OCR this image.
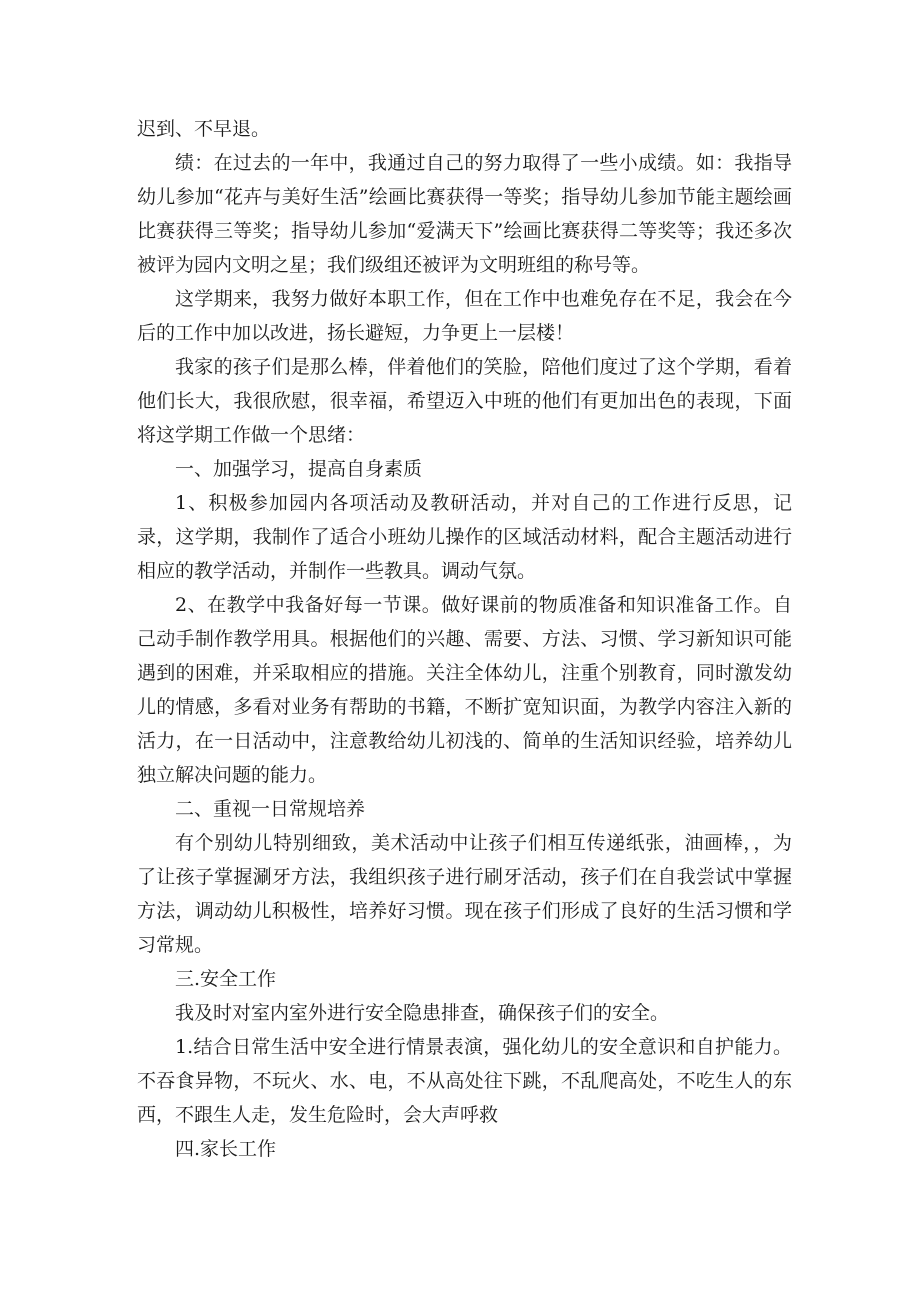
迟到、不早退。

绩：在过去的一年中，我通过自己的努力取得了一些小成绩。如：我指导幼儿参加“花卉与美好生活”绘画比赛获得一等奖；指导幼儿参加节能主题绘画比赛获得三等奖；指导幼儿参加“爱满天下”绘画比赛获得二等奖等；我还多次被评为园内文明之星；我们级组还被评为文明班组的称号等。

这学期来，我努力做好本职工作，但在工作中也难免存在不足，我会在今后的工作中加以改进，扬长避短，力争更上一层楼！

我家的孩子们是那么棒，伴着他们的笑脸，陪他们度过了这个学期，看着他们长大，我很欣慰，很幸福，希望迈入中班的他们有更加出色的表现，下面将这学期工作做一个思绪：

一、加强学习，提高自身素质

1、积极参加园内各项活动及教研活动，并对自己的工作进行反思，记录，这学期，我制作了适合小班幼儿操作的区域活动材料，配合主题活动进行相应的教学活动，并制作一些教具。调动气氛。

2、在教学中我备好每一节课。做好课前的物质准备和知识准备工作。自己动手制作教学用具。根据他们的兴趣、需要、方法、习惯、学习新知识可能遇到的困难，并采取相应的措施。关注全体幼儿，注重个别教育，同时激发幼儿的情感，多看对业务有帮助的书籍，不断扩宽知识面，为教学内容注入新的活力，在一日活动中，注意教给幼儿初浅的、简单的生活知识经验，培养幼儿独立解决问题的能力。

二、重视一日常规培养

有个别幼儿特别细致，美术活动中让孩子们相互传递纸张，油画棒，，为了让孩子掌握涮牙方法，我组织孩子进行刷牙活动，孩子们在自我尝试中掌握方法，调动幼儿积极性，培养好习惯。现在孩子们形成了良好的生活习惯和学习常规。

三.安全工作

我及时对室内室外进行安全隐患排查，确保孩子们的安全。

1.结合日常生活中安全进行情景表演，强化幼儿的安全意识和自护能力。不吞食异物，不玩火、水、电，不从高处往下跳，不乱爬高处，不吃生人的东西，不跟生人走，发生危险时，会大声呼救

四.家长工作
